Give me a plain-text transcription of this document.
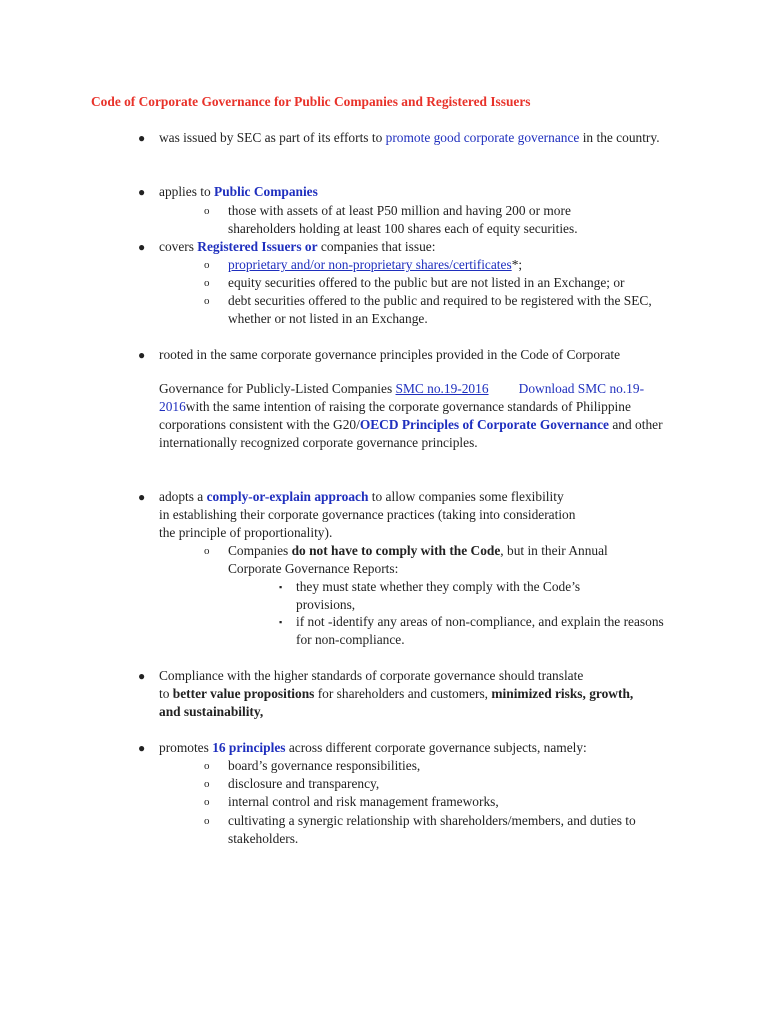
Code of Corporate Governance for Public Companies and Registered Issuers
● was issued by SEC as part of its efforts to promote good corporate governance in the country.
● applies to Public Companies
o those with assets of at least P50 million and having 200 or more shareholders holding at least 100 shares each of equity securities.
● covers Registered Issuers or companies that issue:
o proprietary and/or non-proprietary shares/certificates*;
o equity securities offered to the public but are not listed in an Exchange; or
o debt securities offered to the public and required to be registered with the SEC, whether or not listed in an Exchange.
● rooted in the same corporate governance principles provided in the Code of Corporate
Governance for Publicly-Listed Companies SMC no.19-2016 Download SMC no.19-2016with the same intention of raising the corporate governance standards of Philippine corporations consistent with the G20/OECD Principles of Corporate Governance and other internationally recognized corporate governance principles.
● adopts a comply-or-explain approach to allow companies some flexibility
in establishing their corporate governance practices (taking into consideration
the principle of proportionality).
o Companies do not have to comply with the Code, but in their Annual Corporate Governance Reports:
▪ they must state whether they comply with the Code’s provisions,
▪ if not -identify any areas of non-compliance, and explain the reasons for non-compliance.
● Compliance with the higher standards of corporate governance should translate
to better value propositions for shareholders and customers, minimized risks, growth, and sustainability,
● promotes 16 principles across different corporate governance subjects, namely:
o board’s governance responsibilities,
o disclosure and transparency,
o internal control and risk management frameworks,
o cultivating a synergic relationship with shareholders/members, and duties to stakeholders.
